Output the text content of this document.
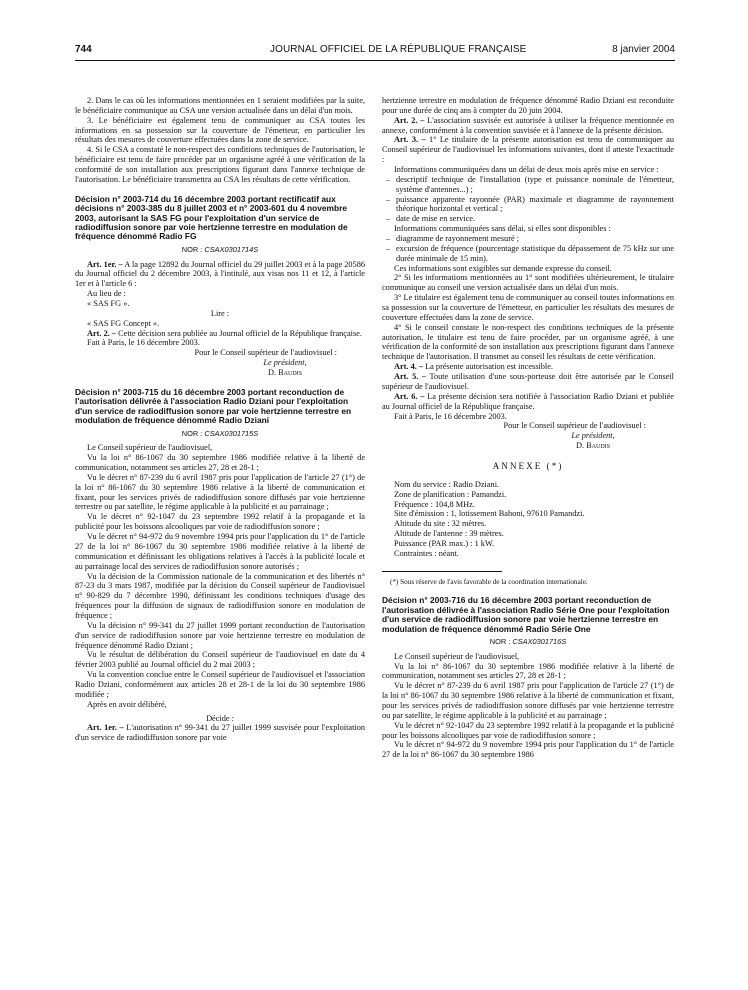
744	JOURNAL OFFICIEL DE LA RÉPUBLIQUE FRANÇAISE	8 janvier 2004

2. Dans le cas où les informations mentionnées en 1 seraient modifiées par la suite, le bénéficiaire communique au CSA une version actualisée dans un délai d'un mois.

3. Le bénéficiaire est également tenu de communiquer au CSA toutes les informations en sa possession sur la couverture de l'émetteur, en particulier les résultats des mesures de couverture effectuées dans la zone de service.

4. Si le CSA a constaté le non-respect des conditions techniques de l'autorisation, le bénéficiaire est tenu de faire procéder par un organisme agréé à une vérification de la conformité de son installation aux prescriptions figurant dans l'annexe technique de l'autorisation. Le bénéficiaire transmettra au CSA les résultats de cette vérification.

Décision n° 2003-714 du 16 décembre 2003 portant rectificatif aux décisions n° 2003-385 du 8 juillet 2003 et n° 2003-601 du 4 novembre 2003, autorisant la SAS FG pour l'exploitation d'un service de radiodiffusion sonore par voie hertzienne terrestre en modulation de fréquence dénommé Radio FG
NOR : CSAX0301714S

Art. 1er. – A la page 12892 du Journal officiel du 29 juillet 2003 et à la page 20586 du Journal officiel du 2 décembre 2003, à l'intitulé, aux visas nos 11 et 12, à l'article 1er et à l'article 6 :

Au lieu de :

« SAS FG ».

Lire :

« SAS FG Concept ».

Art. 2. – Cette décision sera publiée au Journal officiel de la République française.

Fait à Paris, le 16 décembre 2003.

Pour le Conseil supérieur de l'audiovisuel :

Le président,

D. Baudis

Décision n° 2003-715 du 16 décembre 2003 portant reconduction de l'autorisation délivrée à l'association Radio Dziani pour l'exploitation d'un service de radiodiffusion sonore par voie hertzienne terrestre en modulation de fréquence dénommé Radio Dziani
NOR : CSAX0301715S

Le Conseil supérieur de l'audiovisuel,

Vu la loi n° 86-1067 du 30 septembre 1986 modifiée relative à la liberté de communication, notamment ses articles 27, 28 et 28-1 ;

Vu le décret n° 87-239 du 6 avril 1987 pris pour l'application de l'article 27 (1°) de la loi n° 86-1067 du 30 septembre 1986 relative à la liberté de communication et fixant, pour les services privés de radiodiffusion sonore diffusés par voie hertzienne terrestre ou par satellite, le régime applicable à la publicité et au parrainage ;

Vu le décret n° 92-1047 du 23 septembre 1992 relatif à la propagande et la publicité pour les boissons alcooliques par voie de radiodiffusion sonore ;

Vu le décret n° 94-972 du 9 novembre 1994 pris pour l'application du 1° de l'article 27 de la loi n° 86-1067 du 30 septembre 1986 modifiée relative à la liberté de communication et définissant les obligations relatives à l'accès à la publicité locale et au parrainage local des services de radiodiffusion sonore autorisés ;

Vu la décision de la Commission nationale de la communication et des libertés n° 87-23 du 3 mars 1987, modifiée par la décision du Conseil supérieur de l'audiovisuel n° 90-829 du 7 décembre 1990, définissant les conditions techniques d'usage des fréquences pour la diffusion de signaux de radiodiffusion sonore en modulation de fréquence ;

Vu la décision n° 99-341 du 27 juillet 1999 portant reconduction de l'autorisation d'un service de radiodiffusion sonore par voie hertzienne terrestre en modulation de fréquence dénommé Radio Dziani ;

Vu le résultat de délibération du Conseil supérieur de l'audiovisuel en date du 4 février 2003 publié au Journal officiel du 2 mai 2003 ;

Vu la convention conclue entre le Conseil supérieur de l'audiovisuel et l'association Radio Dziani, conformément aux articles 28 et 28-1 de la loi du 30 septembre 1986 modifiée ;

Après en avoir délibéré,

Décide :

Art. 1er. – L'autorisation n° 99-341 du 27 juillet 1999 susvisée pour l'exploitation d'un service de radiodiffusion sonore par voie

hertzienne terrestre en modulation de fréquence dénommé Radio Dziani est reconduite pour une durée de cinq ans à compter du 20 juin 2004.

Art. 2. – L'association susvisée est autorisée à utiliser la fréquence mentionnée en annexe, conformément à la convention susvisée et à l'annexe de la présente décision.

Art. 3. – 1° Le titulaire de la présente autorisation est tenu de communiquer au Conseil supérieur de l'audiovisuel les informations suivantes, dont il atteste l'exactitude :

Informations communiquées dans un délai de deux mois après mise en service :

– descriptif technique de l'installation (type et puissance nominale de l'émetteur, système d'antennes...) ;
– puissance apparente rayonnée (PAR) maximale et diagramme de rayonnement théorique horizontal et vertical ;
– date de mise en service.

Informations communiquées sans délai, si elles sont disponibles :

– diagramme de rayonnement mesuré ;
– excursion de fréquence (pourcentage statistique du dépassement de 75 kHz sur une durée minimale de 15 min).

Ces informations sont exigibles sur demande expresse du conseil.

2° Si les informations mentionnées au 1° sont modifiées ultérieurement, le titulaire communique au conseil une version actualisée dans un délai d'un mois.

3° Le titulaire est également tenu de communiquer au conseil toutes informations en sa possession sur la couverture de l'émetteur, en particulier les résultats des mesures de couverture effectuées dans la zone de service.

4° Si le conseil constate le non-respect des conditions techniques de la présente autorisation, le titulaire est tenu de faire procéder, par un organisme agréé, à une vérification de la conformité de son installation aux prescriptions figurant dans l'annexe technique de l'autorisation. Il transmet au conseil les résultats de cette vérification.

Art. 4. – La présente autorisation est incessible.

Art. 5. – Toute utilisation d'une sous-porteuse doit être autorisée par le Conseil supérieur de l'audiovisuel.

Art. 6. – La présente décision sera notifiée à l'association Radio Dziani et publiée au Journal officiel de la République française.

Fait à Paris, le 16 décembre 2003.

Pour le Conseil supérieur de l'audiovisuel :

Le président,

D. Baudis

ANNEXE (*)

Nom du service : Radio Dziani.

Zone de planification : Pamandzi.

Fréquence : 104,8 MHz.

Site d'émission : 1, lotissement Bahoni, 97610 Pamandzi.

Altitude du site : 32 mètres.

Altitude de l'antenne : 39 mètres.

Puissance (PAR max.) : 1 kW.

Contraintes : néant.

(*) Sous réserve de l'avis favorable de la coordination internationale.

Décision n° 2003-716 du 16 décembre 2003 portant reconduction de l'autorisation délivrée à l'association Radio Série One pour l'exploitation d'un service de radiodiffusion sonore par voie hertzienne terrestre en modulation de fréquence dénommé Radio Série One
NOR : CSAX0301716S

Le Conseil supérieur de l'audiovisuel,

Vu la loi n° 86-1067 du 30 septembre 1986 modifiée relative à la liberté de communication, notamment ses articles 27, 28 et 28-1 ;

Vu le décret n° 87-239 du 6 avril 1987 pris pour l'application de l'article 27 (1°) de la loi n° 86-1067 du 30 septembre 1986 relative à la liberté de communication et fixant, pour les services privés de radiodiffusion sonore diffusés par voie hertzienne terrestre ou par satellite, le régime applicable à la publicité et au parrainage ;

Vu le décret n° 92-1047 du 23 septembre 1992 relatif à la propagande et la publicité pour les boissons alcooliques par voie de radiodiffusion sonore ;

Vu le décret n° 94-972 du 9 novembre 1994 pris pour l'application du 1° de l'article 27 de la loi n° 86-1067 du 30 septembre 1986
